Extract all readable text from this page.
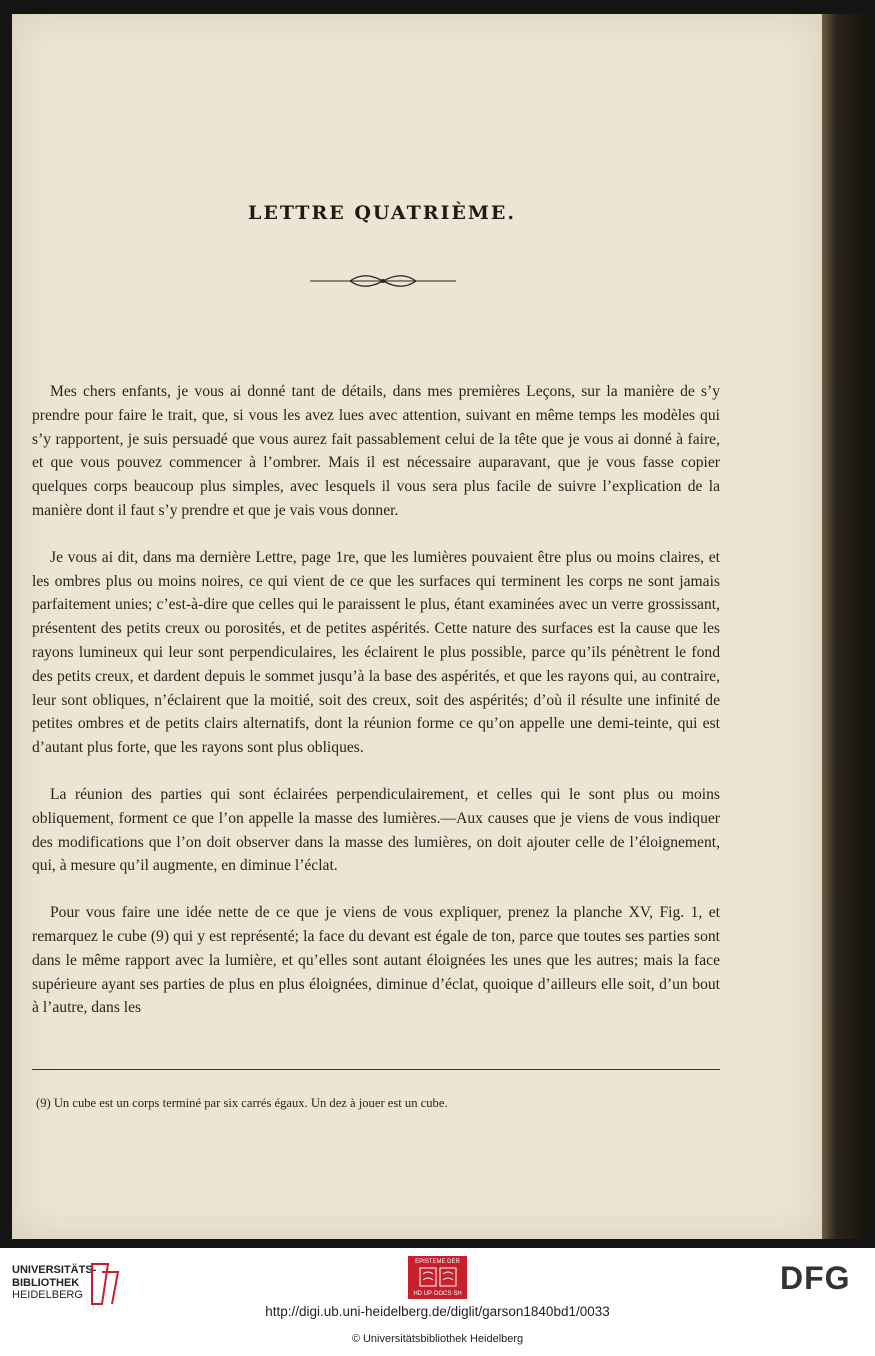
LETTRE QUATRIÈME.

Mes chers enfants, je vous ai donné tant de détails, dans mes premières Leçons, sur la manière de s’y prendre pour faire le trait, que, si vous les avez lues avec attention, suivant en même temps les modèles qui s’y rapportent, je suis persuadé que vous aurez fait passablement celui de la tête que je vous ai donné à faire, et que vous pouvez commencer à l’ombrer. Mais il est nécessaire auparavant, que je vous fasse copier quelques corps beaucoup plus simples, avec lesquels il vous sera plus facile de suivre l’explication de la manière dont il faut s’y prendre et que je vais vous donner.

Je vous ai dit, dans ma dernière Lettre, page 1re, que les lumières pouvaient être plus ou moins claires, et les ombres plus ou moins noires, ce qui vient de ce que les surfaces qui terminent les corps ne sont jamais parfaitement unies; c’est-à-dire que celles qui le paraissent le plus, étant examinées avec un verre grossissant, présentent des petits creux ou porosités, et de petites aspérités. Cette nature des surfaces est la cause que les rayons lumineux qui leur sont perpendiculaires, les éclairent le plus possible, parce qu’ils pénètrent le fond des petits creux, et dardent depuis le sommet jusqu’à la base des aspérités, et que les rayons qui, au contraire, leur sont obliques, n’éclairent que la moitié, soit des creux, soit des aspérités; d’où il résulte une infinité de petites ombres et de petits clairs alternatifs, dont la réunion forme ce qu’on appelle une demi-teinte, qui est d’autant plus forte, que les rayons sont plus obliques.

La réunion des parties qui sont éclairées perpendiculairement, et celles qui le sont plus ou moins obliquement, forment ce que l’on appelle la masse des lumières.—Aux causes que je viens de vous indiquer des modifications que l’on doit observer dans la masse des lumières, on doit ajouter celle de l’éloignement, qui, à mesure qu’il augmente, en diminue l’éclat.

Pour vous faire une idée nette de ce que je viens de vous expliquer, prenez la planche XV, Fig. 1, et remarquez le cube (9) qui y est représenté; la face du devant est égale de ton, parce que toutes ses parties sont dans le même rapport avec la lumière, et qu’elles sont autant éloignées les unes que les autres; mais la face supérieure ayant ses parties de plus en plus éloignées, diminue d’éclat, quoique d’ailleurs elle soit, d’un bout à l’autre, dans les

(9) Un cube est un corps terminé par six carrés égaux. Un dez à jouer est un cube.
UNIVERSITÄTS-
BIBLIOTHEK
HEIDELBERG
EPISTEME DER
HD UP·DOCS·SH	DFG
http://digi.ub.uni-heidelberg.de/diglit/garson1840bd1/0033
© Universitätsbibliothek Heidelberg
